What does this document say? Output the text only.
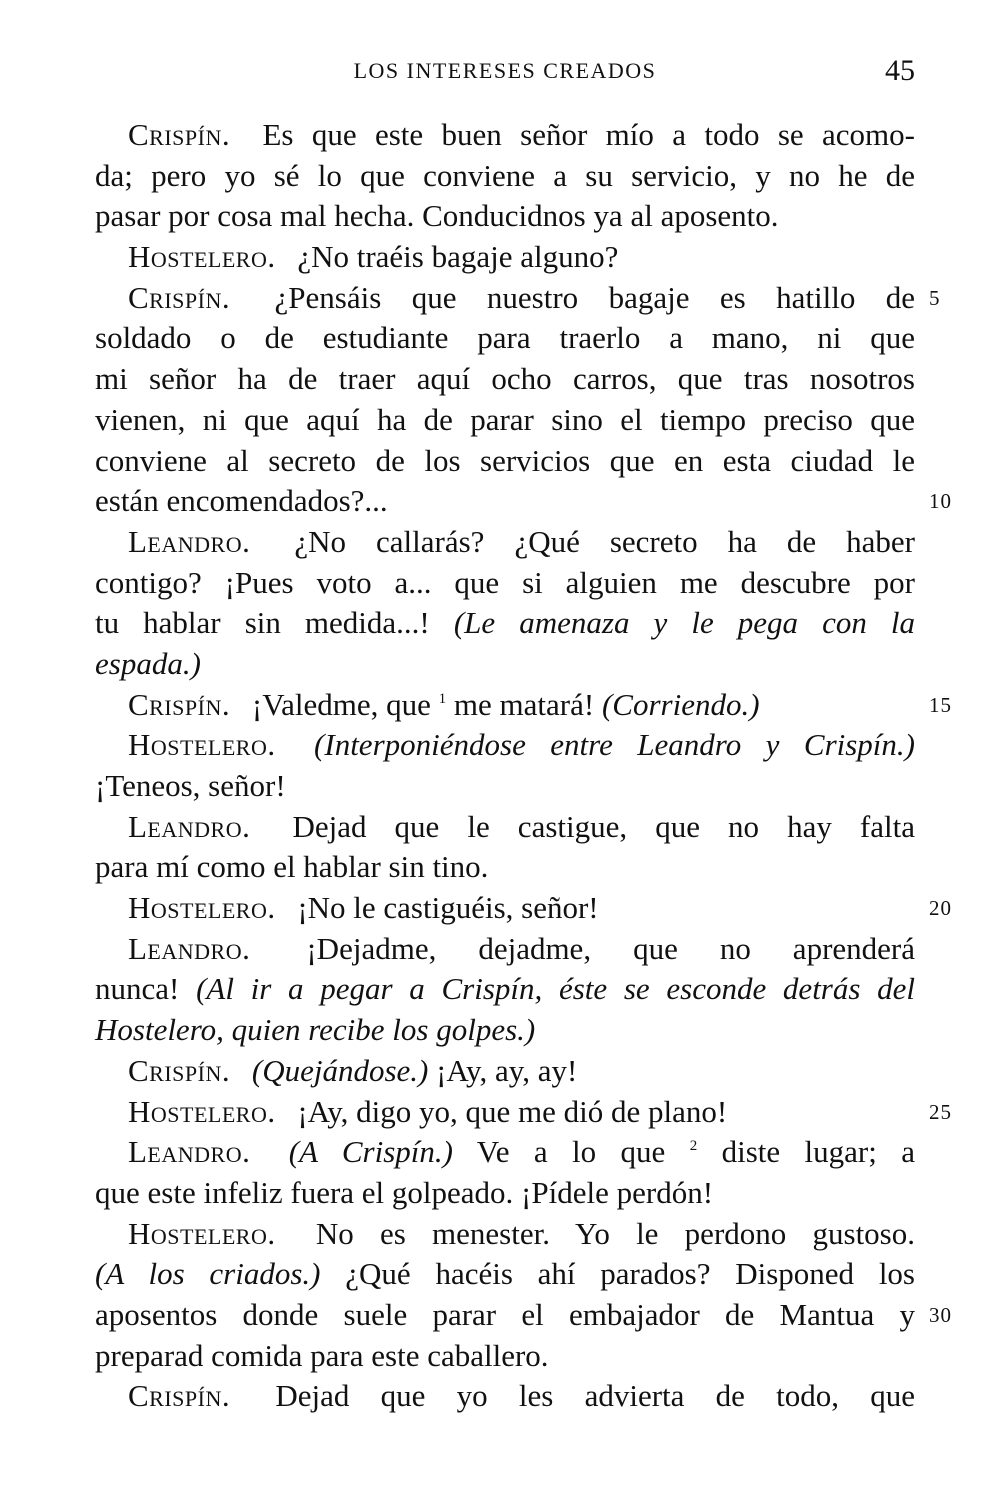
LOS INTERESES CREADOS	45
Crispín. Es que este buen señor mío a todo se acomo-
da; pero yo sé lo que conviene a su servicio, y no he de
pasar por cosa mal hecha. Conducidnos ya al aposento.
Hostelero. ¿No traéis bagaje alguno?
Crispín. ¿Pensáis que nuestro bagaje es hatillo de 5
soldado o de estudiante para traerlo a mano, ni que
mi señor ha de traer aquí ocho carros, que tras nosotros
vienen, ni que aquí ha de parar sino el tiempo preciso que
conviene al secreto de los servicios que en esta ciudad le
están encomendados?...	10
Leandro. ¿No callarás? ¿Qué secreto ha de haber
contigo? ¡Pues voto a... que si alguien me descubre por
tu hablar sin medida...! (Le amenaza y le pega con la
espada.)
Crispín. ¡Valedme, que $^1$ me matará! (Corriendo.)	15
Hostelero. (Interponiéndose entre Leandro y Crispín.)
¡Teneos, señor!
Leandro. Dejad que le castigue, que no hay falta
para mí como el hablar sin tino.
Hostelero. ¡No le castiguéis, señor!	20
Leandro. ¡Dejadme, dejadme, que no aprenderá
nunca! (Al ir a pegar a Crispín, éste se esconde detrás del
Hostelero, quien recibe los golpes.)
Crispín. (Quejándose.) ¡Ay, ay, ay!
Hostelero. ¡Ay, digo yo, que me dió de plano!	25
Leandro. (A Crispín.) Ve a lo que $^2$ diste lugar; a
que este infeliz fuera el golpeado. ¡Pídele perdón!
Hostelero. No es menester. Yo le perdono gustoso.
(A los criados.) ¿Qué hacéis ahí parados? Disponed los
aposentos donde suele parar el embajador de Mantua y 30
preparad comida para este caballero.
Crispín. Dejad que yo les advierta de todo, que
